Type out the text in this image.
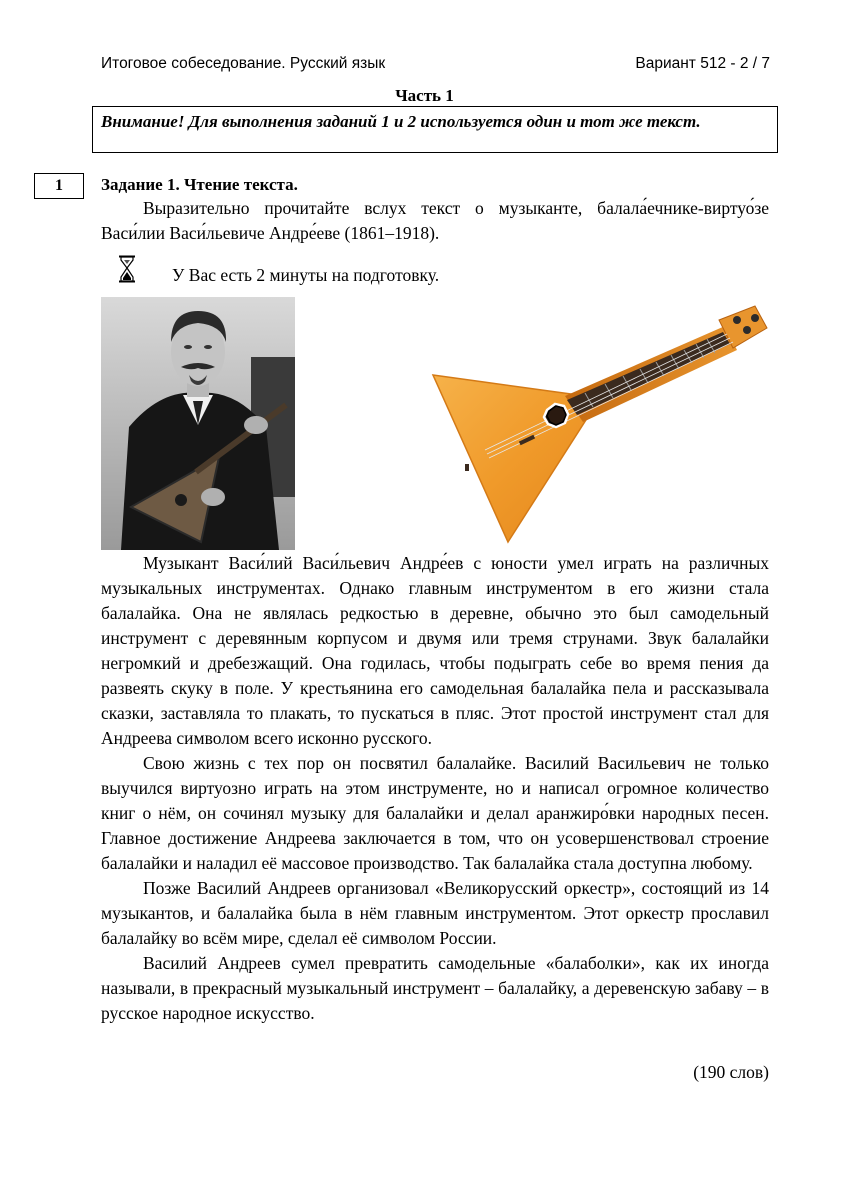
Итоговое собеседование. Русский язык	Вариант 512 - 2 / 7
Часть 1
Внимание! Для выполнения заданий 1 и 2 используется один и тот же текст.
1	Задание 1. Чтение текста.
Выразительно прочитайте вслух текст о музыканте, балала́ечнике-виртуо́зе Васи́лии Васи́льевиче Андре́еве (1861–1918).
У Вас есть 2 минуты на подготовку.

Музыкант Васи́лий Васи́льевич Андре́ев с юности умел играть на различных музыкальных инструментах. Однако главным инструментом в его жизни стала балалайка. Она не являлась редкостью в деревне, обычно это был самодельный инструмент с деревянным корпусом и двумя или тремя струнами. Звук балалайки негромкий и дребезжащий. Она годилась, чтобы подыграть себе во время пения да развеять скуку в поле. У крестьянина его самодельная балалайка пела и рассказывала сказки, заставляла то плакать, то пускаться в пляс. Этот простой инструмент стал для Андреева символом всего исконно русского.

Свою жизнь с тех пор он посвятил балалайке. Василий Васильевич не только выучился виртуозно играть на этом инструменте, но и написал огромное количество книг о нём, он сочинял музыку для балалайки и делал аранжиро́вки народных песен. Главное достижение Андреева заключается в том, что он усовершенствовал строение балалайки и наладил её массовое производство. Так балалайка стала доступна любому.

Позже Василий Андреев организовал «Великорусский оркестр», состоящий из 14 музыкантов, и балалайка была в нём главным инструментом. Этот оркестр прославил балалайку во всём мире, сделал её символом России.

Василий Андреев сумел превратить самодельные «балаболки», как их иногда называли, в прекрасный музыкальный инструмент – балалайку, а деревенскую забаву – в русское народное искусство.

(190 слов)
